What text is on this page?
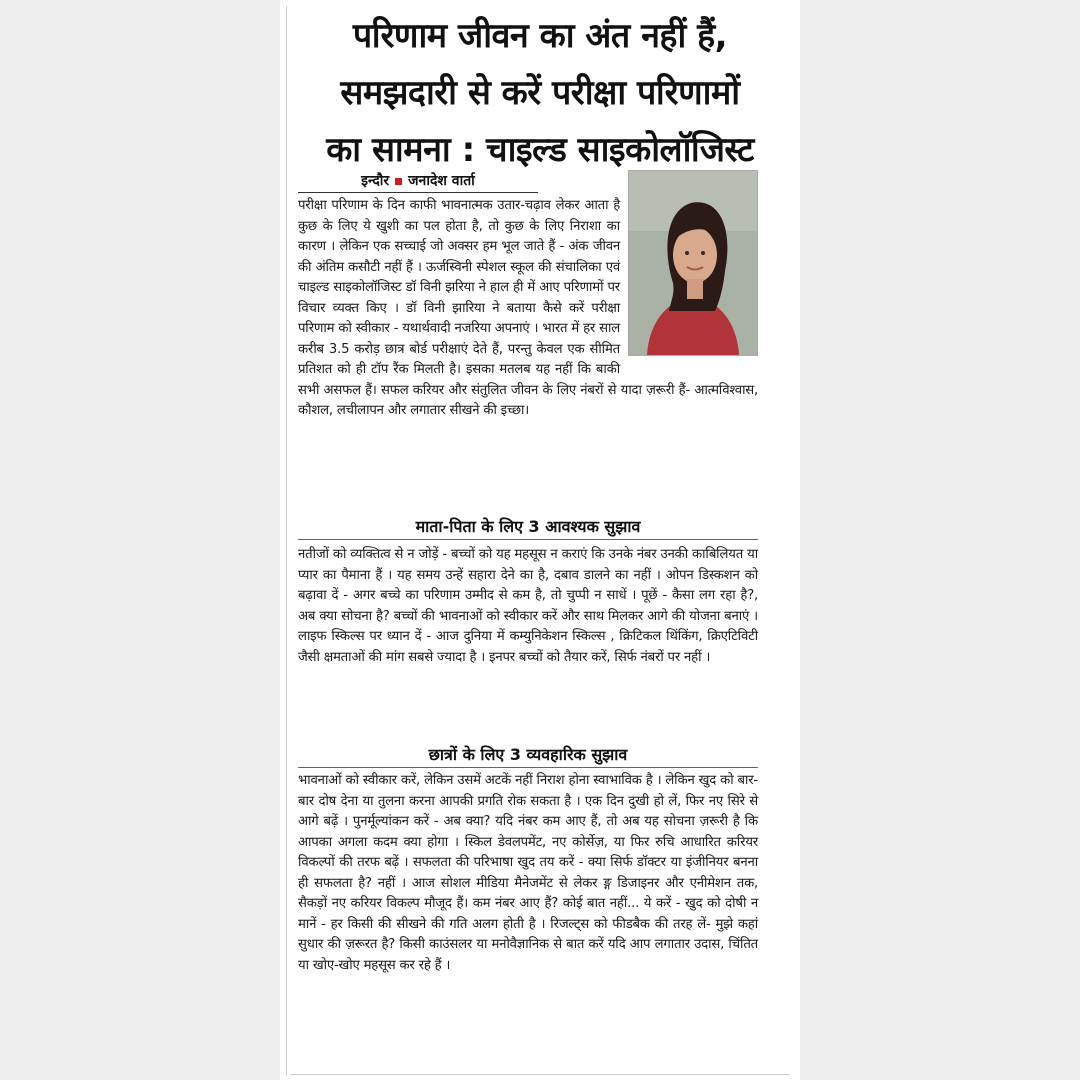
परिणाम जीवन का अंत नहीं हैं,
समझदारी से करें परीक्षा परिणामों
का सामना : चाइल्ड साइकोलॉजिस्ट
इन्दौर जनादेश वार्ता

परीक्षा परिणाम के दिन काफी भावनात्मक उतार-चढ़ाव लेकर आता है कुछ के लिए ये खुशी का पल होता है, तो कुछ के लिए निराशा का कारण । लेकिन एक सच्चाई जो अक्सर हम भूल जाते हैं - अंक जीवन की अंतिम कसौटी नहीं हैं । ऊर्जस्विनी स्पेशल स्कूल की संचालिका एवं चाइल्ड साइकोलॉजिस्ट डॉ विनी झरिया ने हाल ही में आए परिणामों पर विचार व्यक्त किए । डॉ विनी झारिया ने बताया कैसे करें परीक्षा परिणाम को स्वीकार - यथार्थवादी नजरिया अपनाएं । भारत में हर साल करीब 3.5 करोड़ छात्र बोर्ड परीक्षाएं देते हैं, परन्तु केवल एक सीमित प्रतिशत को ही टॉप रैंक मिलती है। इसका मतलब यह नहीं कि बाकी सभी असफल हैं। सफल करियर और संतुलित जीवन के लिए नंबरों से यादा ज़रूरी हैं- आत्मविश्वास, कौशल, लचीलापन और लगातार सीखने की इच्छा।

माता-पिता के लिए 3 आवश्यक सुझाव

नतीजों को व्यक्तित्व से न जोड़ें - बच्चों को यह महसूस न कराएं कि उनके नंबर उनकी काबिलियत या प्यार का पैमाना हैं । यह समय उन्हें सहारा देने का है, दबाव डालने का नहीं । ओपन डिस्कशन को बढ़ावा दें - अगर बच्चे का परिणाम उम्मीद से कम है, तो चुप्पी न साधें । पूछें - कैसा लग रहा है?, अब क्या सोचना है? बच्चों की भावनाओं को स्वीकार करें और साथ मिलकर आगे की योजना बनाएं । लाइफ स्किल्स पर ध्यान दें - आज दुनिया में कम्युनिकेशन स्किल्स , क्रिटिकल थिंकिंग, क्रिएटिविटी जैसी क्षमताओं की मांग सबसे ज्यादा है । इनपर बच्चों को तैयार करें, सिर्फ नंबरों पर नहीं ।

छात्रों के लिए 3 व्यवहारिक सुझाव

भावनाओं को स्वीकार करें, लेकिन उसमें अटकें नहीं निराश होना स्वाभाविक है । लेकिन खुद को बार-बार दोष देना या तुलना करना आपकी प्रगति रोक सकता है । एक दिन दुखी हो लें, फिर नए सिरे से आगे बढ़ें । पुनर्मूल्यांकन करें - अब क्या? यदि नंबर कम आए हैं, तो अब यह सोचना ज़रूरी है कि आपका अगला कदम क्या होगा । स्किल डेवलपमेंट, नए कोर्सेज़, या फिर रुचि आधारित करियर विकल्पों की तरफ बढ़ें । सफलता की परिभाषा खुद तय करें - क्या सिर्फ डॉक्टर या इंजीनियर बनना ही सफलता है? नहीं । आज सोशल मीडिया मैनेजमेंट से लेकर ङ्ग डिजाइनर और एनीमेशन तक, सैकड़ों नए करियर विकल्प मौजूद हैं। कम नंबर आए हैं? कोई बात नहीं... ये करें - खुद को दोषी न मानें - हर किसी की सीखने की गति अलग होती है । रिजल्ट्स को फीडबैक की तरह लें- मुझे कहां सुधार की ज़रूरत है? किसी काउंसलर या मनोवैज्ञानिक से बात करें यदि आप लगातार उदास, चिंतित या खोए-खोए महसूस कर रहे हैं ।
